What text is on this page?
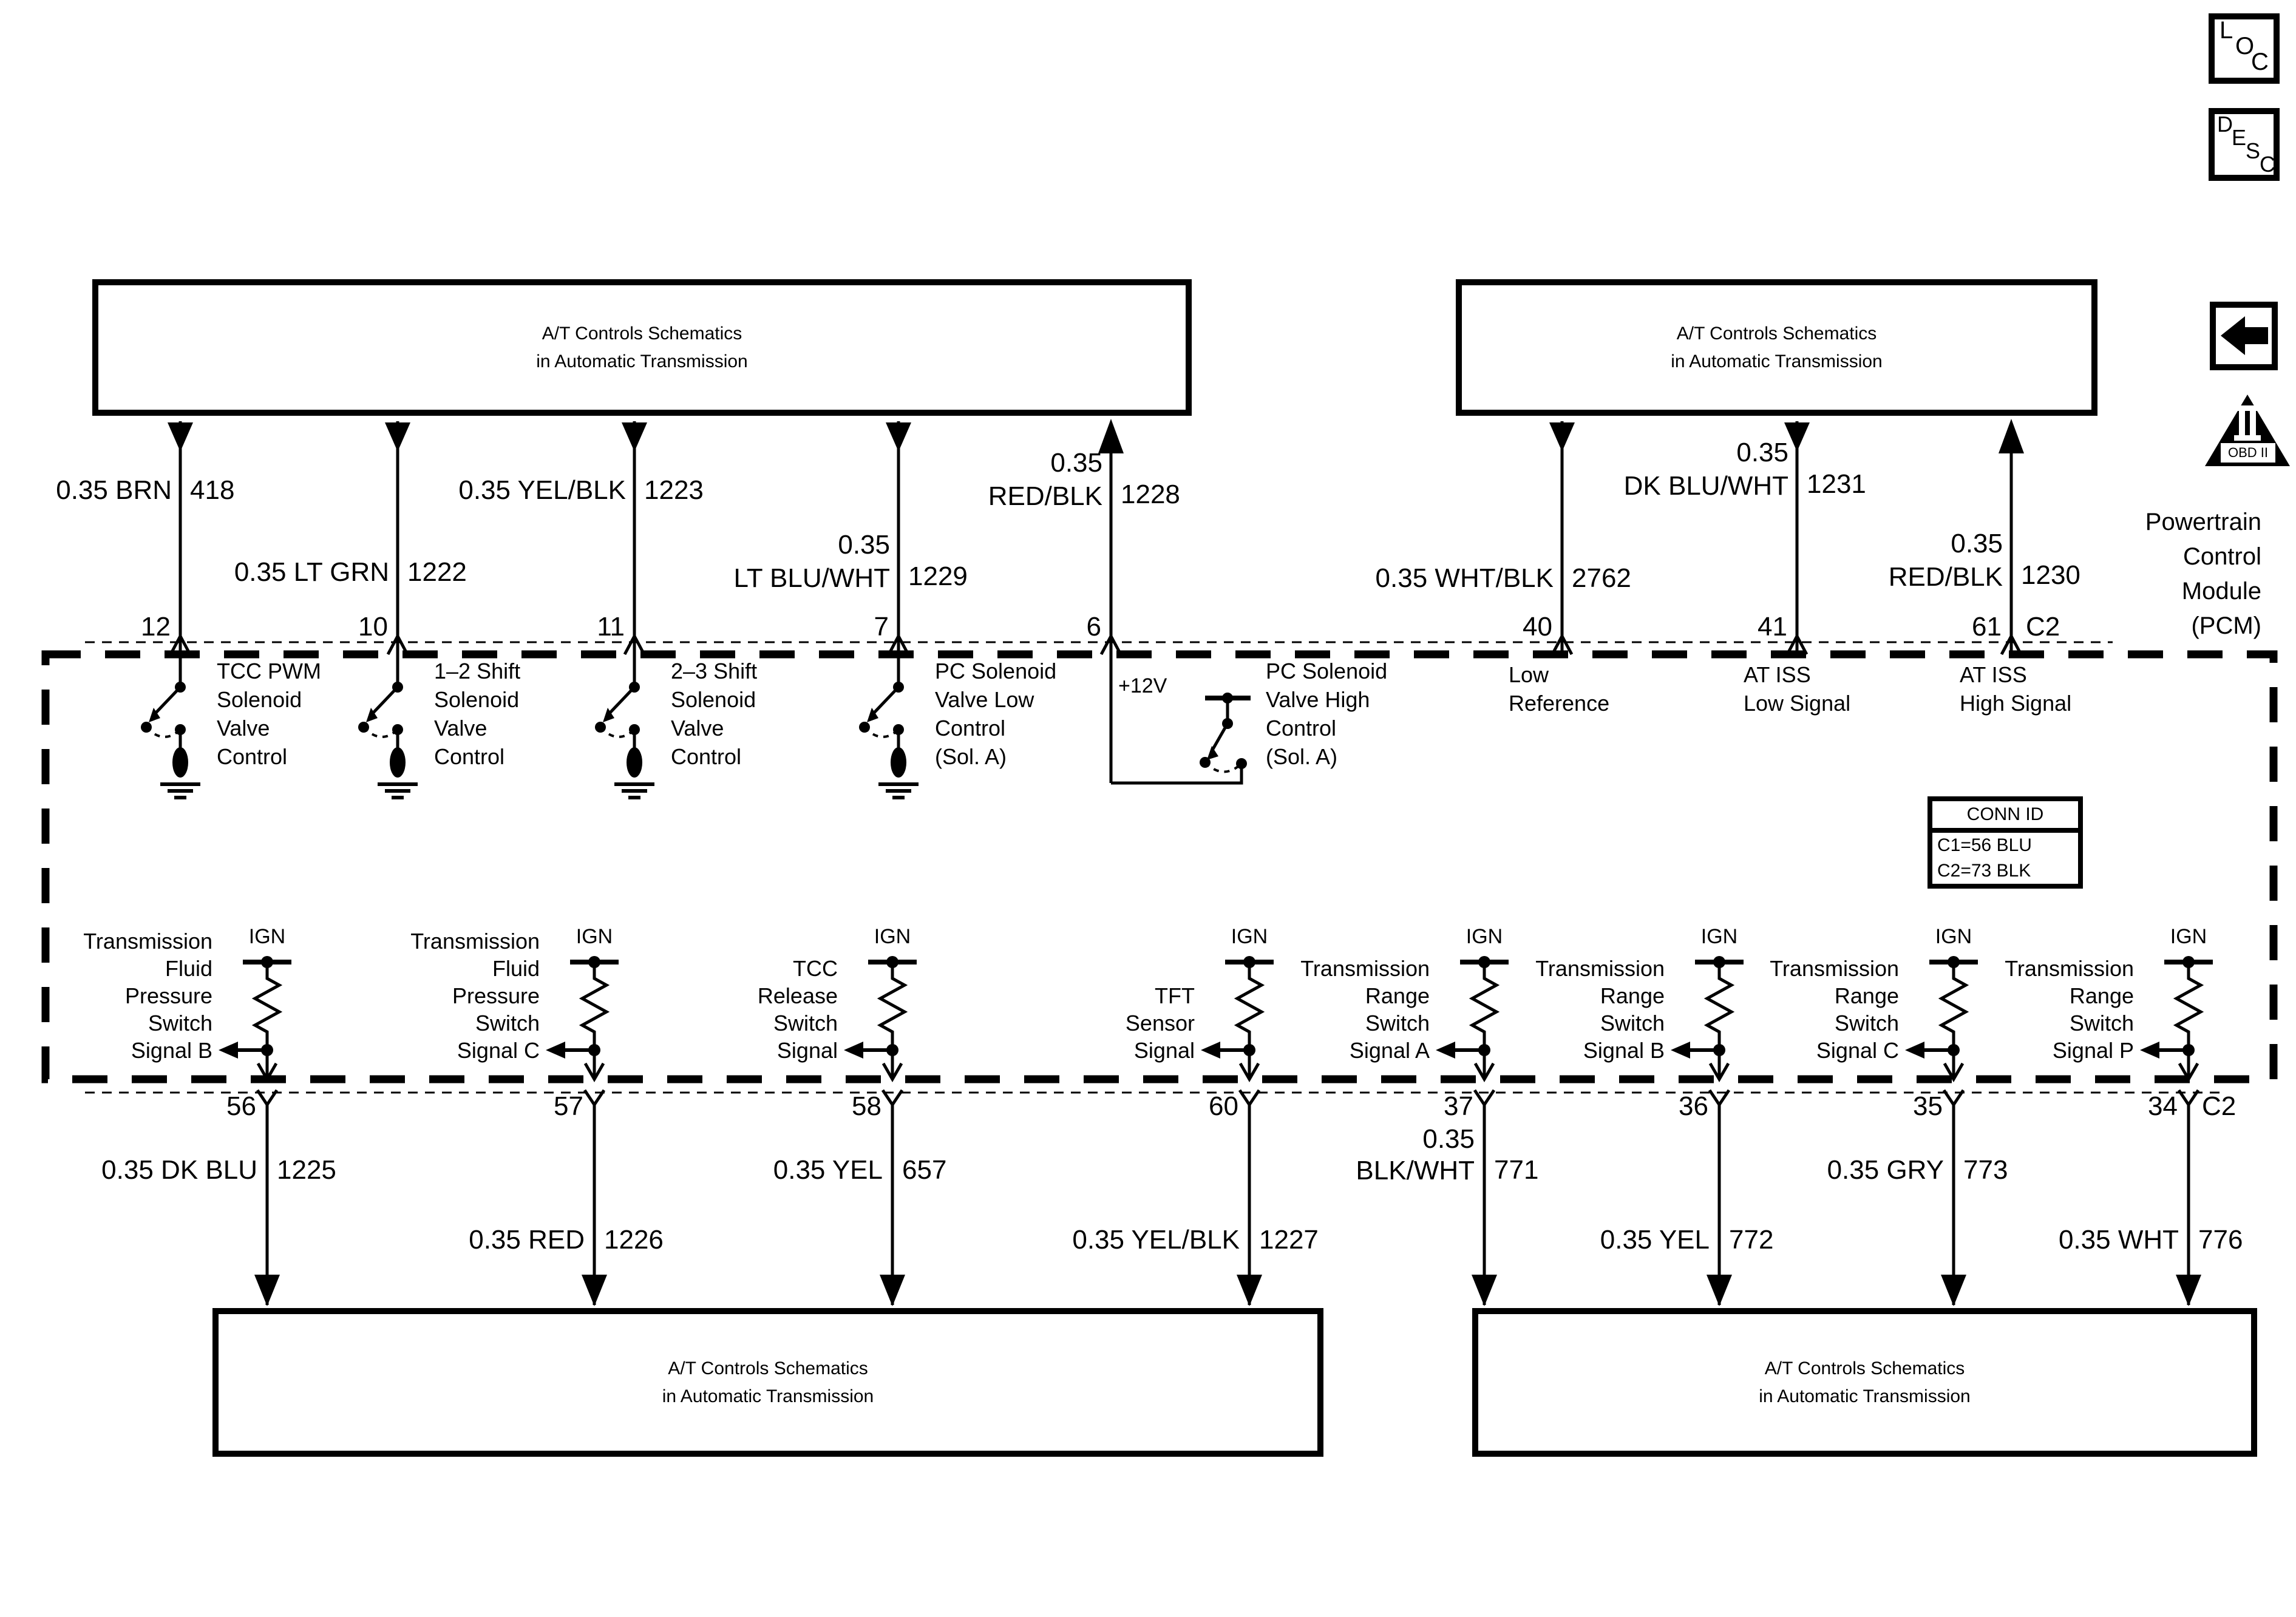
A/T Controls Schematics
in Automatic Transmission
A/T Controls Schematics
in Automatic Transmission
A/T Controls Schematics
in Automatic Transmission
A/T Controls Schematics
in Automatic Transmission
L
O
C
D
E
S
C
OBD II
Powertrain
Control
Module
(PCM)
CONN ID
C1=56 BLU
C2=73 BLK
0.35 BRN 418
0.35 LT GRN 1222
0.35 YEL/BLK 1223
0.35
LT BLU/WHT 1229
0.35
RED/BLK 1228
0.35 WHT/BLK 2762
0.35
DK BLU/WHT 1231
0.35
RED/BLK 1230
12	10	11	7	6	40	41	61 C2
TCC PWM
Solenoid
Valve
Control
1–2 Shift
Solenoid
Valve
Control
2–3 Shift
Solenoid
Valve
Control
PC Solenoid
Valve Low
Control
(Sol. A)
+12V
PC Solenoid
Valve High
Control
(Sol. A)
Low
Reference
AT ISS
Low Signal
AT ISS
High Signal
IGN	IGN	IGN	IGN	IGN	IGN	IGN	IGN
Transmission
Fluid
Pressure
Switch
Signal B
Transmission
Fluid
Pressure
Switch
Signal C
TCC
Release
Switch
Signal
TFT
Sensor
Signal
Transmission
Range
Switch
Signal A
Transmission
Range
Switch
Signal B
Transmission
Range
Switch
Signal C
Transmission
Range
Switch
Signal P
56	57	58	60	37	36	35	34 C2
0.35 DK BLU 1225
0.35 RED 1226
0.35 YEL 657
0.35 YEL/BLK 1227
0.35
BLK/WHT 771
0.35 YEL 772
0.35 GRY 773
0.35 WHT 776
